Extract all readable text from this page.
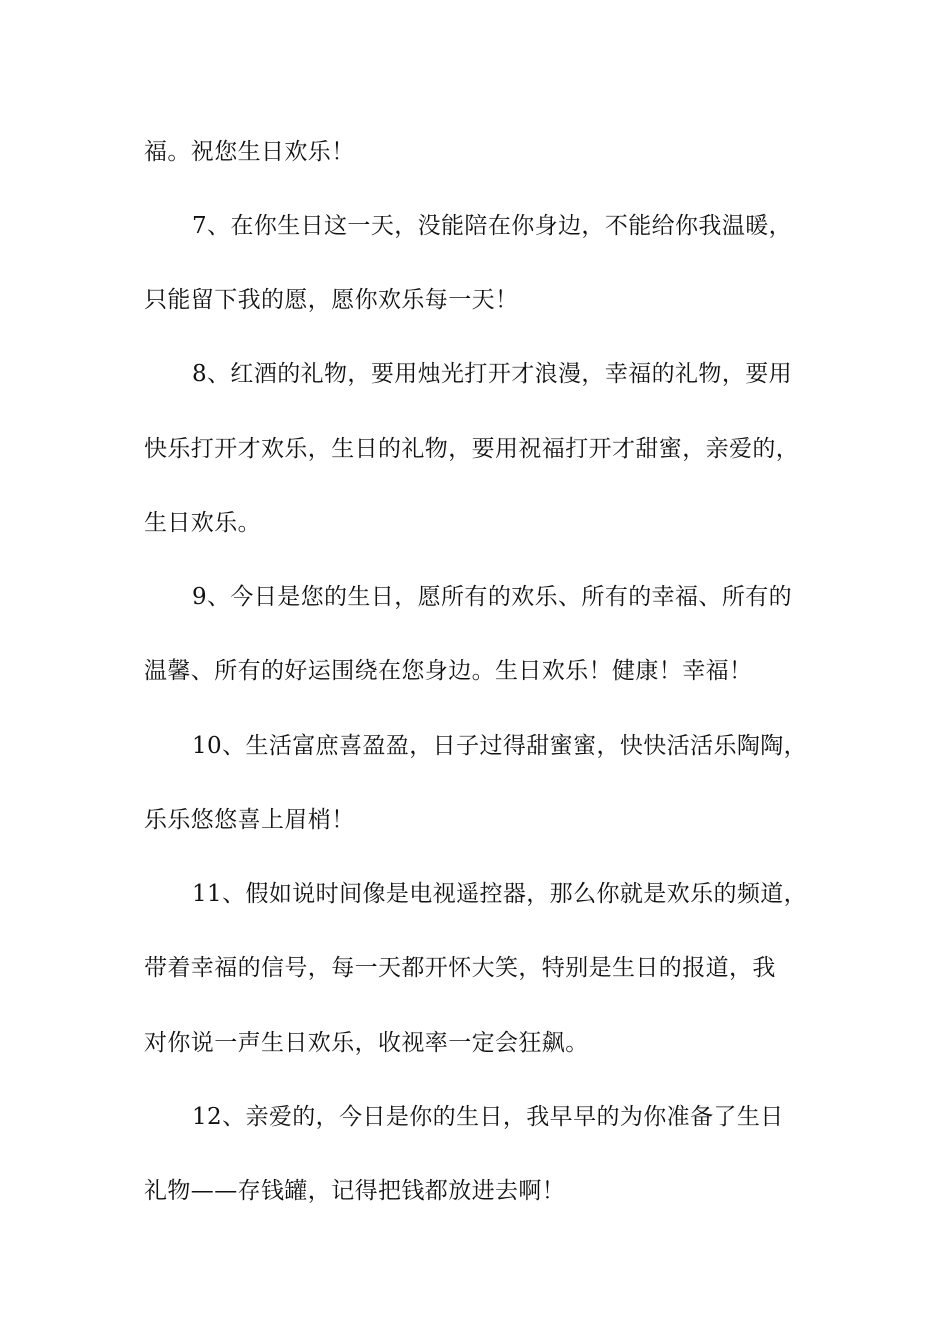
福。祝您生日欢乐！
7、在你生日这一天，没能陪在你身边，不能给你我温暖，
只能留下我的愿，愿你欢乐每一天！
8、红酒的礼物，要用烛光打开才浪漫，幸福的礼物，要用
快乐打开才欢乐，生日的礼物，要用祝福打开才甜蜜，亲爱的，
生日欢乐。
9、今日是您的生日，愿所有的欢乐、所有的幸福、所有的
温馨、所有的好运围绕在您身边。生日欢乐！健康！幸福！
10、生活富庶喜盈盈，日子过得甜蜜蜜，快快活活乐陶陶，
乐乐悠悠喜上眉梢！
11、假如说时间像是电视遥控器，那么你就是欢乐的频道，
带着幸福的信号，每一天都开怀大笑，特别是生日的报道，我
对你说一声生日欢乐，收视率一定会狂飙。
12、亲爱的，今日是你的生日，我早早的为你准备了生日
礼物——存钱罐，记得把钱都放进去啊！
